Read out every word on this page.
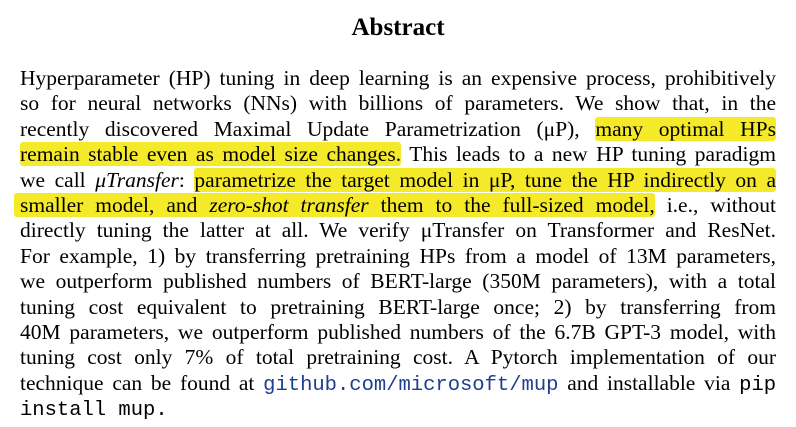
Abstract
Hyperparameter (HP) tuning in deep learning is an expensive process, prohibitively
so for neural networks (NNs) with billions of parameters. We show that, in the
recently discovered Maximal Update Parametrization (μP), many optimal HPs
remain stable even as model size changes. This leads to a new HP tuning paradigm
we call μTransfer: parametrize the target model in μP, tune the HP indirectly on a
smaller model, and zero-shot transfer them to the full-sized model, i.e., without
directly tuning the latter at all. We verify μTransfer on Transformer and ResNet.
For example, 1) by transferring pretraining HPs from a model of 13M parameters,
we outperform published numbers of BERT-large (350M parameters), with a total
tuning cost equivalent to pretraining BERT-large once; 2) by transferring from
40M parameters, we outperform published numbers of the 6.7B GPT-3 model, with
tuning cost only 7% of total pretraining cost. A Pytorch implementation of our
technique can be found at github.com/microsoft/mup and installable via pip
install mup.
